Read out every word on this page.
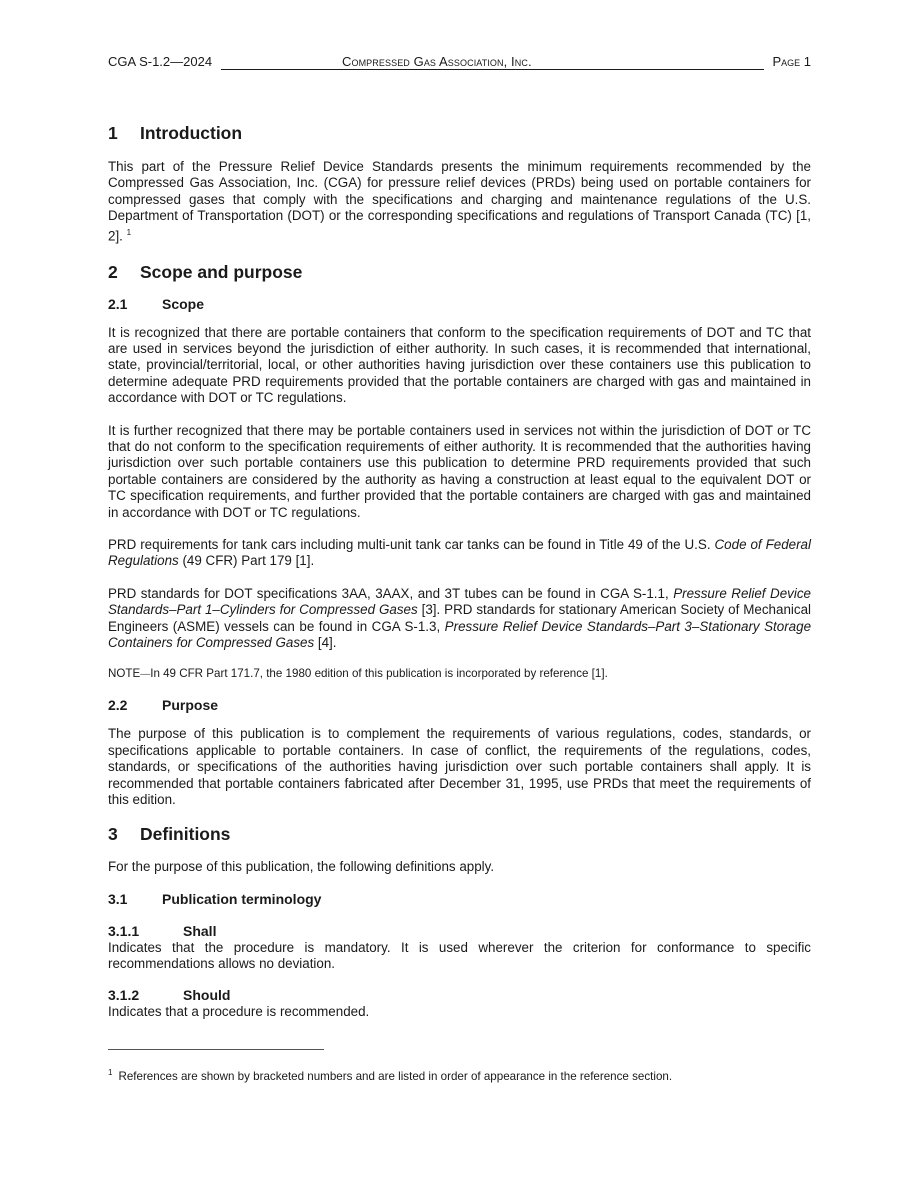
CGA S-1.2—2024	Compressed Gas Association, Inc.	Page 1
1	Introduction

This part of the Pressure Relief Device Standards presents the minimum requirements recommended by the Compressed Gas Association, Inc. (CGA) for pressure relief devices (PRDs) being used on portable containers for compressed gases that comply with the specifications and charging and maintenance regulations of the U.S. Department of Transportation (DOT) or the corresponding specifications and regulations of Transport Canada (TC) [1, 2]. $^1$

2	Scope and purpose
2.1	Scope

It is recognized that there are portable containers that conform to the specification requirements of DOT and TC that are used in services beyond the jurisdiction of either authority. In such cases, it is recommended that international, state, provincial/territorial, local, or other authorities having jurisdiction over these containers use this publication to determine adequate PRD requirements provided that the portable containers are charged with gas and maintained in accordance with DOT or TC regulations.

It is further recognized that there may be portable containers used in services not within the jurisdiction of DOT or TC that do not conform to the specification requirements of either authority. It is recommended that the authorities having jurisdiction over such portable containers use this publication to determine PRD requirements provided that such portable containers are considered by the authority as having a construction at least equal to the equivalent DOT or TC specification requirements, and further provided that the portable containers are charged with gas and maintained in accordance with DOT or TC regulations.

PRD requirements for tank cars including multi-unit tank car tanks can be found in Title 49 of the U.S. Code of Federal Regulations (49 CFR) Part 179 [1].

PRD standards for DOT specifications 3AA, 3AAX, and 3T tubes can be found in CGA S-1.1, Pressure Relief Device Standards–Part 1–Cylinders for Compressed Gases [3]. PRD standards for stationary American Society of Mechanical Engineers (ASME) vessels can be found in CGA S-1.3, Pressure Relief Device Standards–Part 3–Stationary Storage Containers for Compressed Gases [4].

NOTE—In 49 CFR Part 171.7, the 1980 edition of this publication is incorporated by reference [1].

2.2	Purpose

The purpose of this publication is to complement the requirements of various regulations, codes, standards, or specifications applicable to portable containers. In case of conflict, the requirements of the regulations, codes, standards, or specifications of the authorities having jurisdiction over such portable containers shall apply. It is recommended that portable containers fabricated after December 31, 1995, use PRDs that meet the requirements of this edition.

3	Definitions

For the purpose of this publication, the following definitions apply.

3.1	Publication terminology
3.1.1	Shall

Indicates that the procedure is mandatory. It is used wherever the criterion for conformance to specific recommendations allows no deviation.

3.1.2	Should

Indicates that a procedure is recommended.

$^1$ References are shown by bracketed numbers and are listed in order of appearance in the reference section.
